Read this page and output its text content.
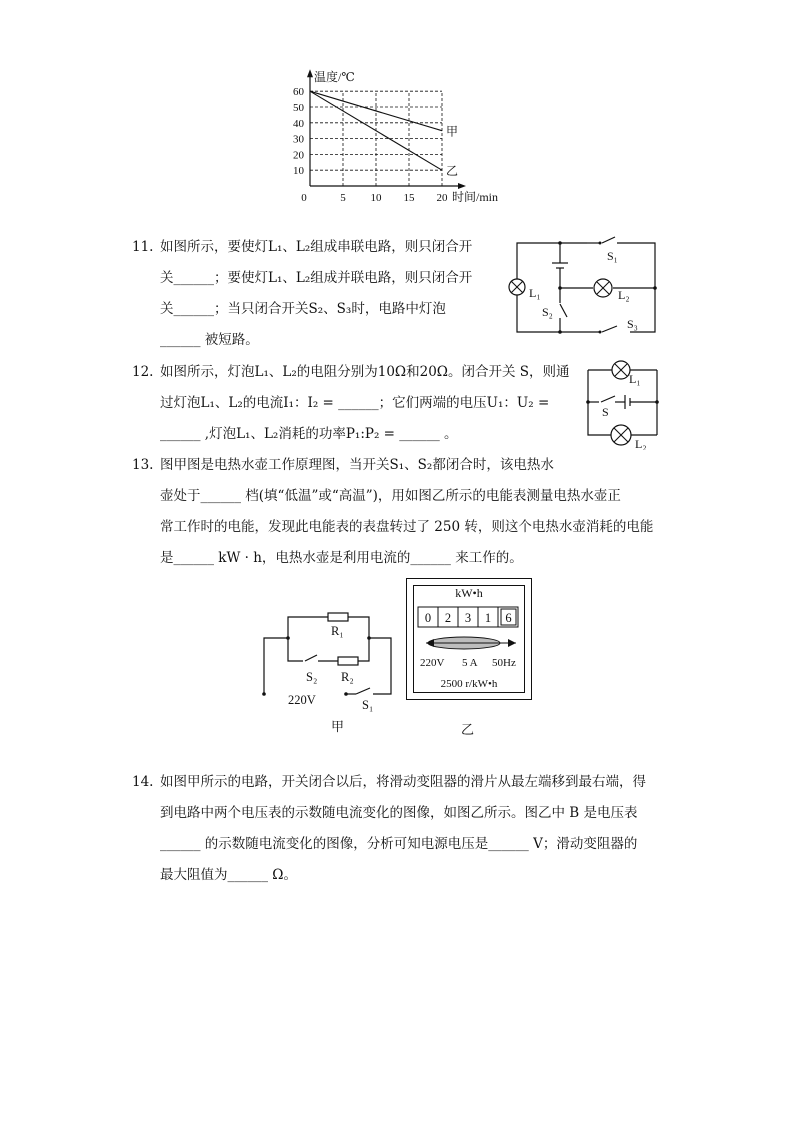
甲
乙
60
50
40
30
20
10
0	5 10 15 20
温度/℃
时间/min
11. 如图所示，要使灯L₁、L₂组成串联电路，则只闭合开
关______；要使灯L₁、L₂组成并联电路，则只闭合开
关______；当只闭合开关S₂、S₃时，电路中灯泡
______ 被短路。
S₁
L₁	L₂
S₂
S₃
12. 如图所示，灯泡L₁、L₂的电阻分别为10Ω和20Ω。闭合开关 S，则通
过灯泡L₁、L₂的电流I₁：I₂ = ______；它们两端的电压U₁：U₂ =
______ ,灯泡L₁、L₂消耗的功率P₁:P₂ = ______ 。
L₁
S
L₂
13. 图甲图是电热水壶工作原理图，当开关S₁、S₂都闭合时，该电热水
壶处于______ 档(填“低温”或“高温”)，用如图乙所示的电能表测量电热水壶正
常工作时的电能，发现此电能表的表盘转过了 250 转，则这个电热水壶消耗的电能
是______ kW · h，电热水壶是利用电流的______ 来工作的。
R₁
S₂ R₂
220V	S₁
甲
kW•h
0 2 3 1 6
220V 5 A 50Hz
2500 r/kW•h
乙
14. 如图甲所示的电路，开关闭合以后，将滑动变阻器的滑片从最左端移到最右端，得
到电路中两个电压表的示数随电流变化的图像，如图乙所示。图乙中 B 是电压表
______ 的示数随电流变化的图像，分析可知电源电压是______ V；滑动变阻器的
最大阻值为______ Ω。
